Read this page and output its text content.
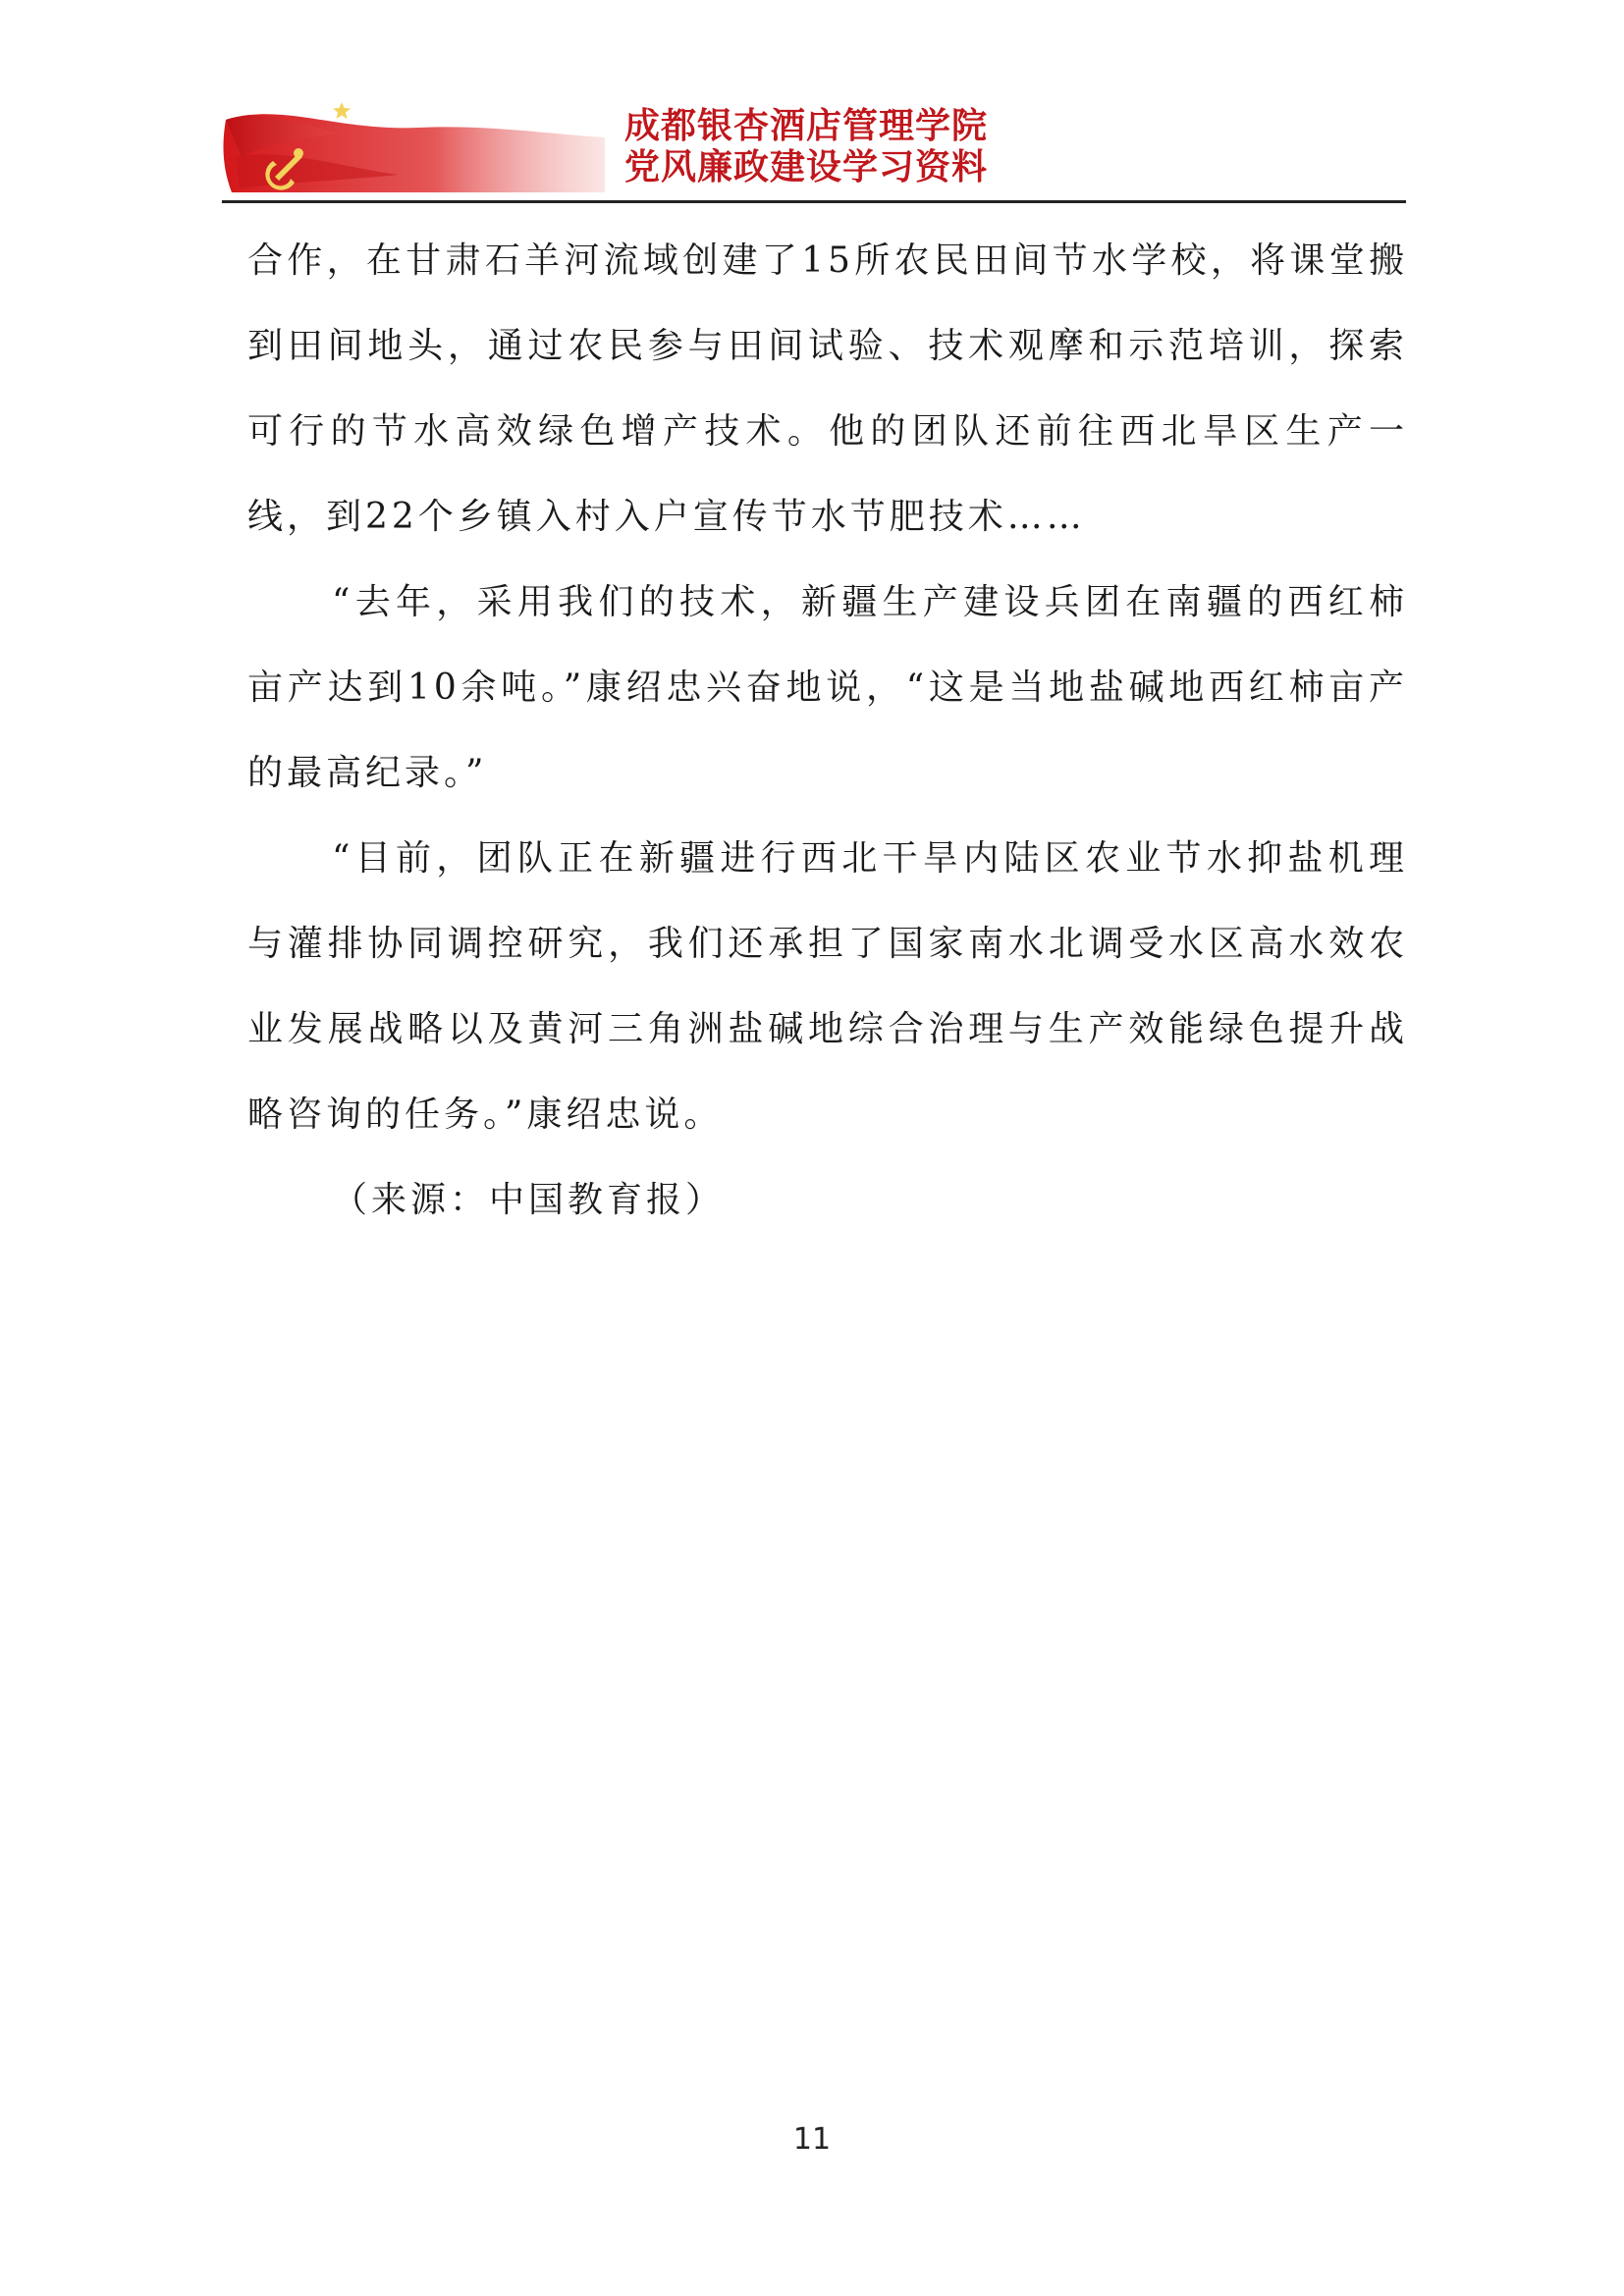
成都银杏酒店管理学院
党风廉政建设学习资料

合作，在甘肃石羊河流域创建了15所农民田间节水学校，将课堂搬到田间地头，通过农民参与田间试验、技术观摩和示范培训，探索可行的节水高效绿色增产技术。他的团队还前往西北旱区生产一线，到22个乡镇入村入户宣传节水节肥技术……

“去年，采用我们的技术，新疆生产建设兵团在南疆的西红柿亩产达到10余吨。”康绍忠兴奋地说，“这是当地盐碱地西红柿亩产的最高纪录。”

“目前，团队正在新疆进行西北干旱内陆区农业节水抑盐机理与灌排协同调控研究，我们还承担了国家南水北调受水区高水效农业发展战略以及黄河三角洲盐碱地综合治理与生产效能绿色提升战略咨询的任务。”康绍忠说。

（来源：中国教育报）

11
